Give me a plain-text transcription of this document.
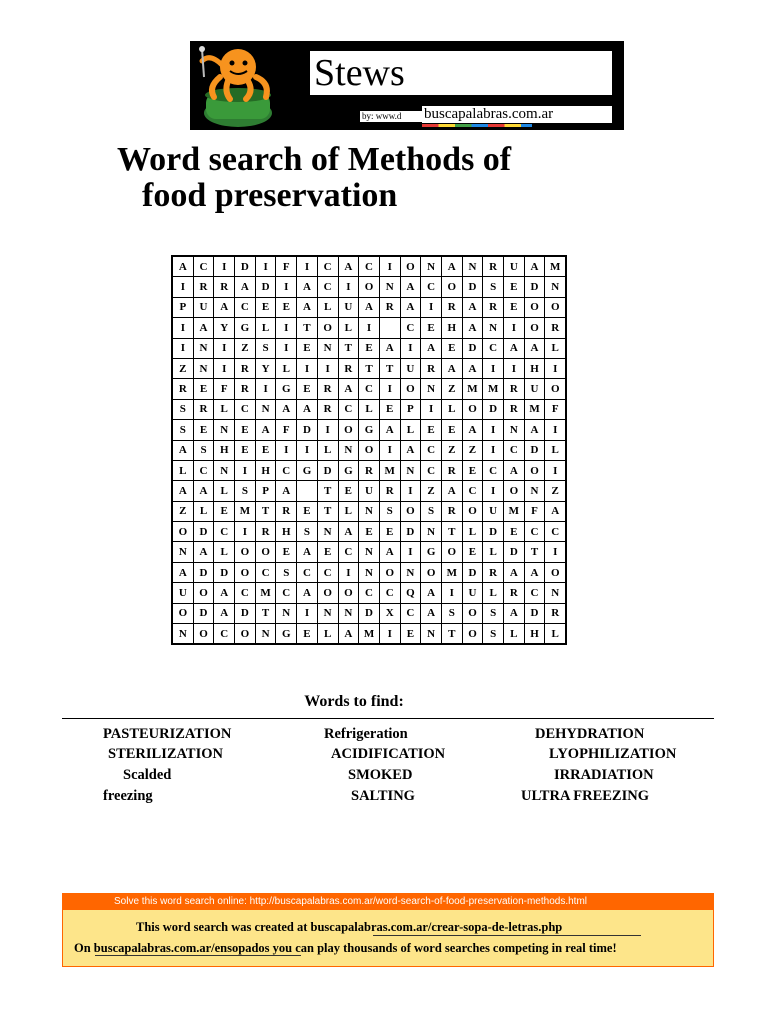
Stews
by: www.d	buscapalabras.com.ar
Word search of Methods of
food preservation
A	C	I	D	I	F	I	C	A	C	I	O	N	A	N	R	U	A	M
I	R	R	A	D	I	A	C	I	O	N	A	C	O	D	S	E	D	N
P	U	A	C	E	E	A	L	U	A	R	A	I	R	A	R	E	O	O
I	A	Y	G	L	I	T	O	L	I		C	E	H	A	N	I	O	R
I	N	I	Z	S	I	E	N	T	E	A	I	A	E	D	C	A	A	L
Z	N	I	R	Y	L	I	I	R	T	T	U	R	A	A	I	I	H	I
R	E	F	R	I	G	E	R	A	C	I	O	N	Z	M	M	R	U	O
S	R	L	C	N	A	A	R	C	L	E	P	I	L	O	D	R	M	F
S	E	N	E	A	F	D	I	O	G	A	L	E	E	A	I	N	A	I
A	S	H	E	E	I	I	L	N	O	I	A	C	Z	Z	I	C	D	L
L	C	N	I	H	C	G	D	G	R	M	N	C	R	E	C	A	O	I
A	A	L	S	P	A		T	E	U	R	I	Z	A	C	I	O	N	Z
Z	L	E	M	T	R	E	T	L	N	S	O	S	R	O	U	M	F	A
O	D	C	I	R	H	S	N	A	E	E	D	N	T	L	D	E	C	C
N	A	L	O	O	E	A	E	C	N	A	I	G	O	E	L	D	T	I
A	D	D	O	C	S	C	C	I	N	O	N	O	M	D	R	A	A	O
U	O	A	C	M	C	A	O	O	C	C	Q	A	I	U	L	R	C	N
O	D	A	D	T	N	I	N	N	D	X	C	A	S	O	S	A	D	R
N	O	C	O	N	G	E	L	A	M	I	E	N	T	O	S	L	H	L
Words to find:
PASTEURIZATION	Refrigeration	DEHYDRATION
STERILIZATION	ACIDIFICATION	LYOPHILIZATION
Scalded	SMOKED	IRRADIATION
freezing	SALTING	ULTRA FREEZING
Solve this word search online: http://buscapalabras.com.ar/word-search-of-food-preservation-methods.html
This word search was created at buscapalabras.com.ar/crear-sopa-de-letras.php
On buscapalabras.com.ar/ensopados you can play thousands of word searches competing in real time!
